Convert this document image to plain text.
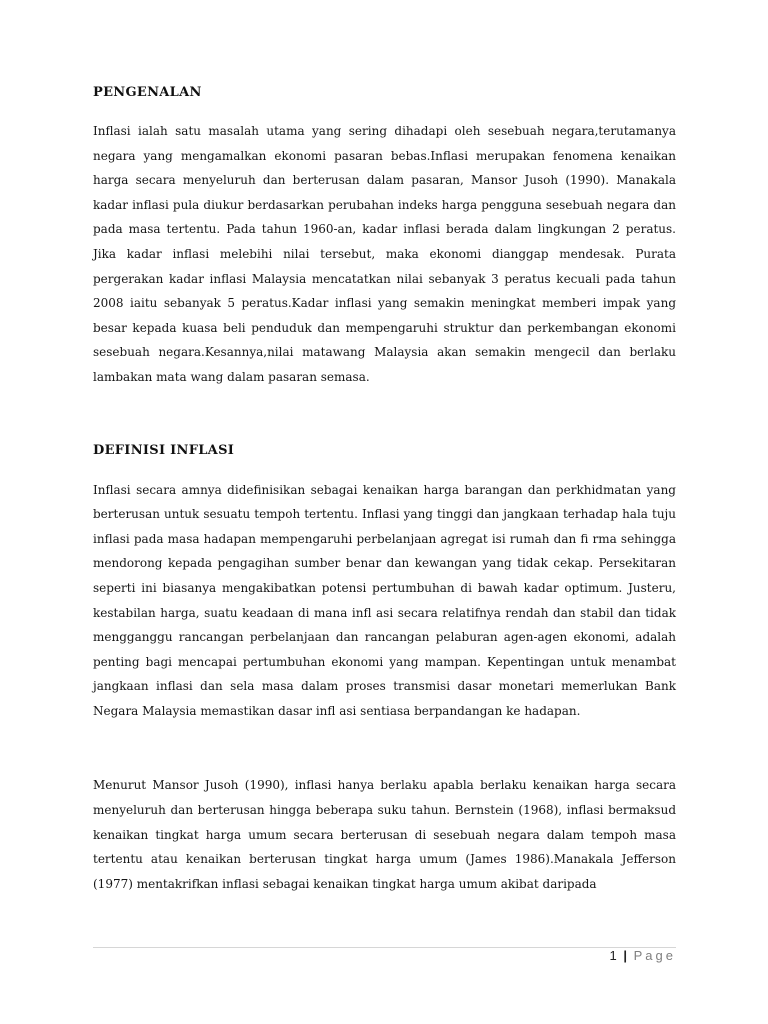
PENGENALAN

Inflasi ialah satu masalah utama yang sering dihadapi oleh sesebuah negara,terutamanya negara yang mengamalkan ekonomi pasaran bebas.Inflasi merupakan fenomena kenaikan harga secara menyeluruh dan berterusan dalam pasaran, Mansor Jusoh (1990). Manakala kadar inflasi pula diukur berdasarkan perubahan indeks harga pengguna sesebuah negara dan pada masa tertentu. Pada tahun 1960-an, kadar inflasi berada dalam lingkungan 2 peratus. Jika kadar inflasi melebihi nilai tersebut, maka ekonomi dianggap mendesak. Purata pergerakan kadar inflasi Malaysia mencatatkan nilai sebanyak 3 peratus kecuali pada tahun 2008 iaitu sebanyak 5 peratus.Kadar inflasi yang semakin meningkat memberi impak yang besar kepada kuasa beli penduduk dan mempengaruhi struktur dan perkembangan ekonomi sesebuah negara.Kesannya,nilai matawang Malaysia akan semakin mengecil dan berlaku lambakan mata wang dalam pasaran semasa.

DEFINISI INFLASI

Inflasi secara amnya didefinisikan sebagai kenaikan harga barangan dan perkhidmatan yang berterusan untuk sesuatu tempoh tertentu. Inflasi yang tinggi dan jangkaan terhadap hala tuju inflasi pada masa hadapan mempengaruhi perbelanjaan agregat isi rumah dan fi rma sehingga mendorong kepada pengagihan sumber benar dan kewangan yang tidak cekap. Persekitaran seperti ini biasanya mengakibatkan potensi pertumbuhan di bawah kadar optimum. Justeru, kestabilan harga, suatu keadaan di mana infl asi secara relatifnya rendah dan stabil dan tidak mengganggu rancangan perbelanjaan dan rancangan pelaburan agen-agen ekonomi, adalah penting bagi mencapai pertumbuhan ekonomi yang mampan. Kepentingan untuk menambat jangkaan inflasi dan sela masa dalam proses transmisi dasar monetari memerlukan Bank Negara Malaysia memastikan dasar infl asi sentiasa berpandangan ke hadapan.

Menurut Mansor Jusoh (1990), inflasi hanya berlaku apabla berlaku kenaikan harga secara menyeluruh dan berterusan hingga beberapa suku tahun. Bernstein (1968), inflasi bermaksud kenaikan tingkat harga umum secara berterusan di sesebuah negara dalam tempoh masa tertentu atau kenaikan berterusan tingkat harga umum (James 1986).Manakala Jefferson (1977) mentakrifkan inflasi sebagai kenaikan tingkat harga umum akibat daripada

1 | Page
